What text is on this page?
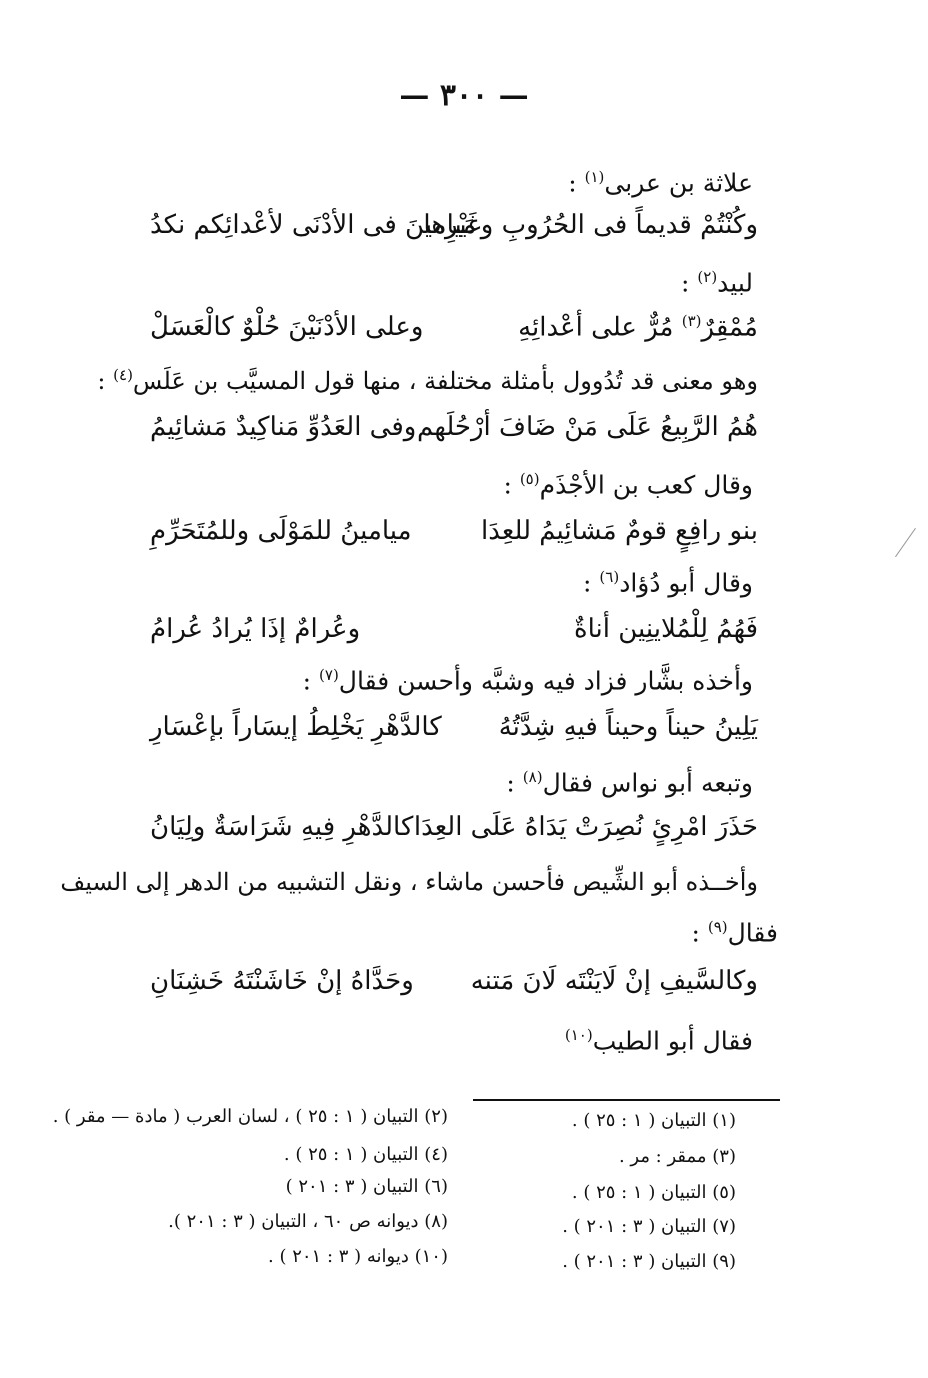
— ٣٠٠ —
علاثة بن عربى$^{(١)}$ :
وكُنْتُمْ قديماً فى الحُرُوبِ وغَيْرِها
مَيامينَ فى الأدْنَى لأعْدائِكم نكدُ
لبيد$^{(٢)}$ :
مُمْقِرٌ$^{(٣)}$ مُرٌّ على أعْدائِهِ
وعلى الأدْنَيْنَ حُلْوٌ كالْعَسَلْ
وهو معنى قد تُدُوول بأمثلة مختلفة ، منها قول المسيَّب بن عَلَس$^{(٤)}$ :
هُمُ الرَّبِيعُ عَلَى مَنْ ضَافَ أرْحُلَهم
وفى العَدُوِّ مَناكِيدٌ مَشائِيمُ
وقال كعب بن الأجْذَم$^{(٥)}$ :
بنو رافِعٍ قومٌ مَشائِيمُ للعِدَا
ميامينُ للمَوْلَى وللمُتَحَرِّمِ
وقال أبو دُؤاد$^{(٦)}$ :
فَهُمُ لِلْمُلاينِين أناةٌ
وعُرامٌ إذَا يُرادُ عُرامُ
وأخذه بشَّار فزاد فيه وشبَّه وأحسن فقال$^{(٧)}$ :
يَلِينُ حيناً وحيناً فيهِ شِدَّتُهُ
كالدَّهْرِ يَخْلِطُ إيسَاراً بإعْسَارِ
وتبعه أبو نواس فقال$^{(٨)}$ :
حَذَرَ امْرِئٍ نُصِرَتْ يَدَاهُ عَلَى العِدَا
كالدَّهْرِ فِيهِ شَرَاسَةٌ ولِيَانُ
وأخــذه أبو الشِّيص فأحسن ماشاء ، ونقل التشبيه من الدهر إلى السيف
فقال$^{(٩)}$ :
وكالسَّيفِ إنْ لَايَنْتَه لَانَ مَتنه
وحَدَّاهُ إنْ خَاشَنْتَهُ خَشِنَانِ
فقال أبو الطيب$^{(١٠)}$
(١) التبيان ( ١ : ٢٥ ) .
(٢) التبيان ( ١ : ٢٥ ) ، لسان العرب ( مادة — مقر ) .
(٣) ممقر : مر .
(٤) التبيان ( ١ : ٢٥ ) .
(٥) التبيان ( ١ : ٢٥ ) .
(٦) التبيان ( ٣ : ٢٠١ )
(٧) التبيان ( ٣ : ٢٠١ ) .
(٨) ديوانه ص ٦٠ ، التبيان ( ٣ : ٢٠١ ).
(٩) التبيان ( ٣ : ٢٠١ ) .
(١٠) ديوانه ( ٣ : ٢٠١ ) .
